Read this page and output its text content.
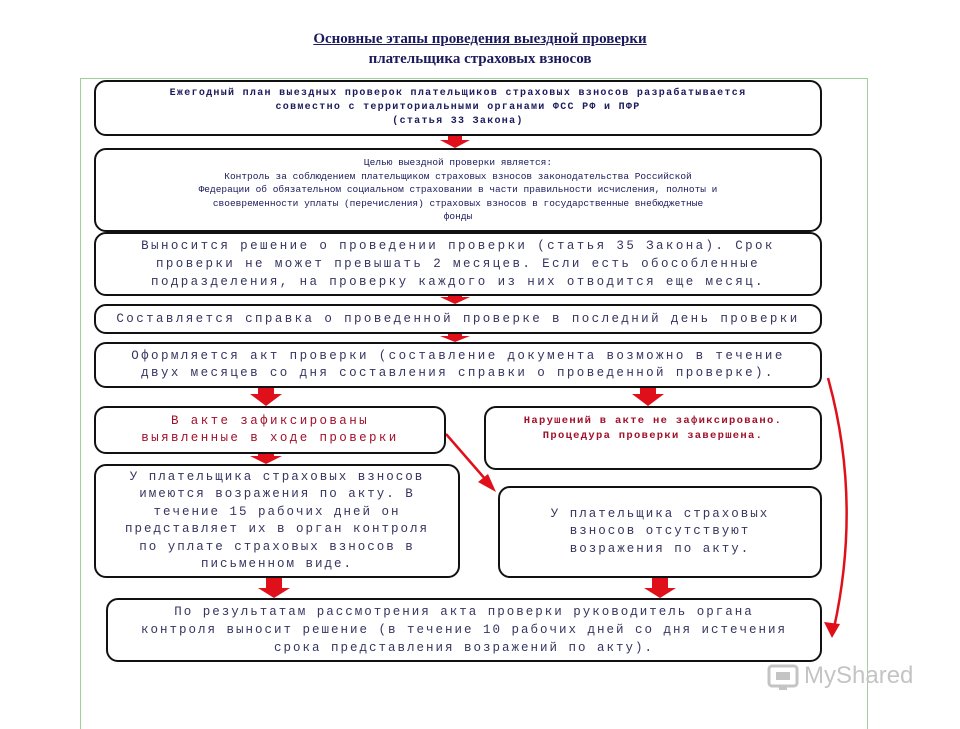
Основные этапы проведения выездной проверки
плательщика страховых взносов
Ежегодный план выездных проверок плательщиков страховых взносов разрабатывается
совместно с территориальными органами ФСС РФ и ПФР
(статья 33 Закона)
Целью выездной проверки является:
Контроль за соблюдением плательщиком страховых взносов законодательства Российской
Федерации об обязательном социальном страховании в части правильности исчисления, полноты и
своевременности уплаты (перечисления) страховых взносов в государственные внебюджетные
фонды
Выносится решение о проведении проверки (статья 35 Закона). Срок
проверки не может превышать 2 месяцев. Если есть обособленные
подразделения, на проверку каждого из них отводится еще месяц.
Составляется справка о проведенной проверке в последний день проверки
Оформляется акт проверки (составление документа возможно в течение
двух месяцев со дня составления справки о проведенной проверке).
В акте зафиксированы
выявленные в ходе проверки
Нарушений в акте не зафиксировано.
Процедура проверки завершена.
У плательщика страховых взносов
имеются возражения по акту. В
течение 15 рабочих дней он
представляет их в орган контроля
по уплате страховых взносов в
письменном виде.
У плательщика страховых
взносов отсутствуют
возражения по акту.
По результатам рассмотрения акта проверки руководитель органа
контроля выносит решение (в течение 10 рабочих дней со дня истечения
срока представления возражений по акту).
MyShared
